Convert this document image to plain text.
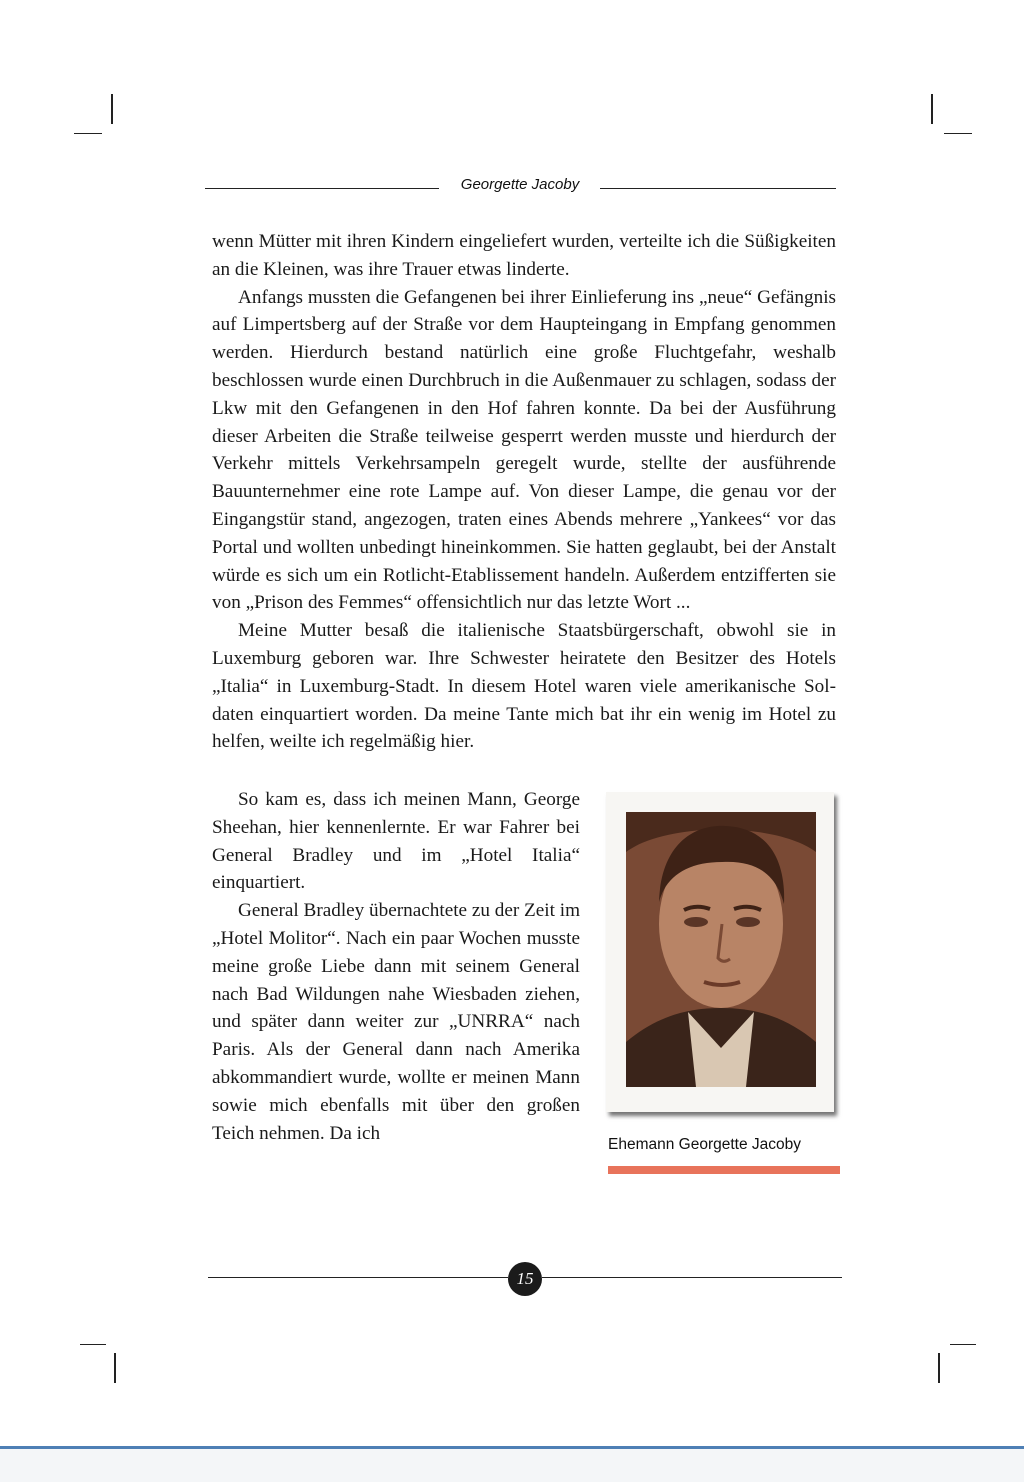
Georgette Jacoby

wenn Mütter mit ihren Kindern eingeliefert wurden, verteilte ich die Süßigkeiten an die Kleinen, was ihre Trauer etwas linderte.

Anfangs mussten die Gefangenen bei ihrer Einlieferung ins „neue“ Gefängnis auf Limpertsberg auf der Straße vor dem Haupteingang in Empfang genommen werden. Hierdurch bestand natürlich eine große Fluchtgefahr, weshalb beschlossen wurde einen Durchbruch in die Außenmauer zu schlagen, sodass der Lkw mit den Gefangenen in den Hof fahren konnte. Da bei der Ausführung dieser Arbeiten die Straße teilweise gesperrt werden musste und hierdurch der Verkehr mittels Verkehrsampeln geregelt wurde, stellte der ausführende Bauunternehmer eine rote Lampe auf. Von dieser Lampe, die genau vor der Eingangstür stand, angezogen, traten eines Abends mehrere „Yankees“ vor das Portal und wollten unbedingt hineinkommen. Sie hatten geglaubt, bei der Anstalt würde es sich um ein Rotlicht-Etablissement handeln. Außerdem entzifferten sie von „Prison des Femmes“ offensichtlich nur das letzte Wort ...

Meine Mutter besaß die italienische Staatsbürgerschaft, obwohl sie in Luxemburg geboren war. Ihre Schwester heiratete den Besitzer des Hotels „Italia“ in Luxemburg-Stadt. In diesem Hotel waren viele amerikanische Soldaten einquartiert worden. Da meine Tante mich bat ihr ein wenig im Hotel zu helfen, weilte ich regelmäßig hier.

So kam es, dass ich meinen Mann, George Sheehan, hier kennenlernte. Er war Fahrer bei General Bradley und im „Hotel Italia“ einquartiert.

General Bradley übernachtete zu der Zeit im „Hotel Molitor“. Nach ein paar Wochen musste meine große Liebe dann mit seinem General nach Bad Wildungen nahe Wiesbaden ziehen, und später dann weiter zur „UNRRA“ nach Paris. Als der General dann nach Amerika abkommandiert wurde, wollte er meinen Mann sowie mich ebenfalls mit über den großen Teich nehmen. Da ich

Ehemann Georgette Jacoby
15
